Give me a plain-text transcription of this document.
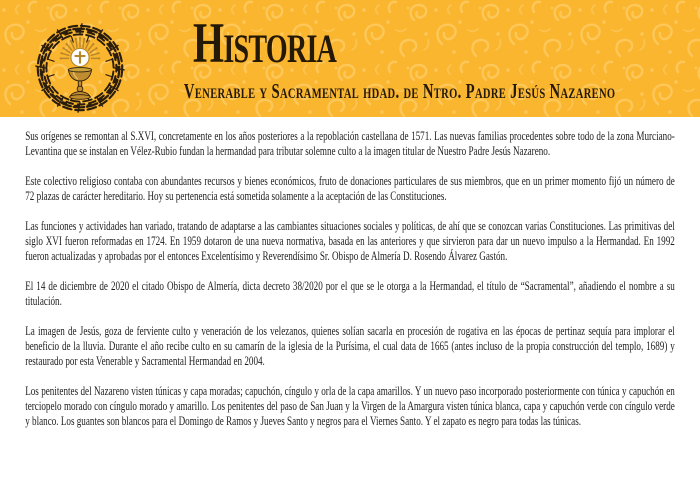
Historia
Venerable y Sacramental hdad. de Ntro. Padre Jesús Nazareno

Sus orígenes se remontan al S.XVI, concretamente en los años posteriores a la repoblación castellana de 1571. Las nuevas familias procedentes sobre todo de la zona Murciano-Levantina que se instalan en Vélez-Rubio fundan la hermandad para tributar solemne culto a la imagen titular de Nuestro Padre Jesús Nazareno.

Este colectivo religioso contaba con abundantes recursos y bienes económicos, fruto de donaciones particulares de sus miembros, que en un primer momento fijó un número de 72 plazas de carácter hereditario. Hoy su pertenencia está sometida solamente a la aceptación de las Constituciones.

Las funciones y actividades han variado, tratando de adaptarse a las cambiantes situaciones sociales y políticas, de ahí que se conozcan varias Constituciones. Las primitivas del siglo XVI fueron reformadas en 1724. En 1959 dotaron de una nueva normativa, basada en las anteriores y que sirvieron para dar un nuevo impulso a la Hermandad. En 1992 fueron actualizadas y aprobadas por el entonces Excelentísimo y Reverendísimo Sr. Obispo de Almería D. Rosendo Álvarez Gastón.

El 14 de diciembre de 2020 el citado Obispo de Almería, dicta decreto 38/2020 por el que se le otorga a la Hermandad, el título de “Sacramental”, añadiendo el nombre a su titulación.

La imagen de Jesús, goza de ferviente culto y veneración de los velezanos, quienes solían sacarla en procesión de rogativa en las épocas de pertinaz sequía para implorar el beneficio de la lluvia. Durante el año recibe culto en su camarín de la iglesia de la Purísima, el cual data de 1665 (antes incluso de la propia construcción del templo, 1689) y restaurado por esta Venerable y Sacramental Hermandad en 2004.

Los penitentes del Nazareno visten túnicas y capa moradas; capuchón, cíngulo y orla de la capa amarillos. Y un nuevo paso incorporado posteriormente con túnica y capuchón en terciopelo morado con cíngulo morado y amarillo. Los penitentes del paso de San Juan y la Virgen de la Amargura visten túnica blanca, capa y capuchón verde con cíngulo verde y blanco. Los guantes son blancos para el Domingo de Ramos y Jueves Santo y negros para el Viernes Santo. Y el zapato es negro para todas las túnicas.
